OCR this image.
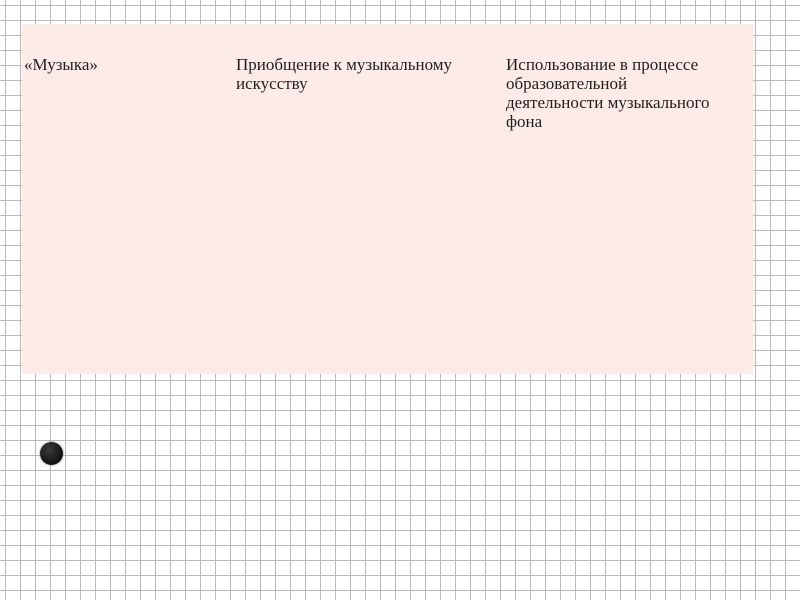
«Музыка»	Приобщение к музыкальному искусству
Использование в процессе образовательной деятельности музыкального фона
